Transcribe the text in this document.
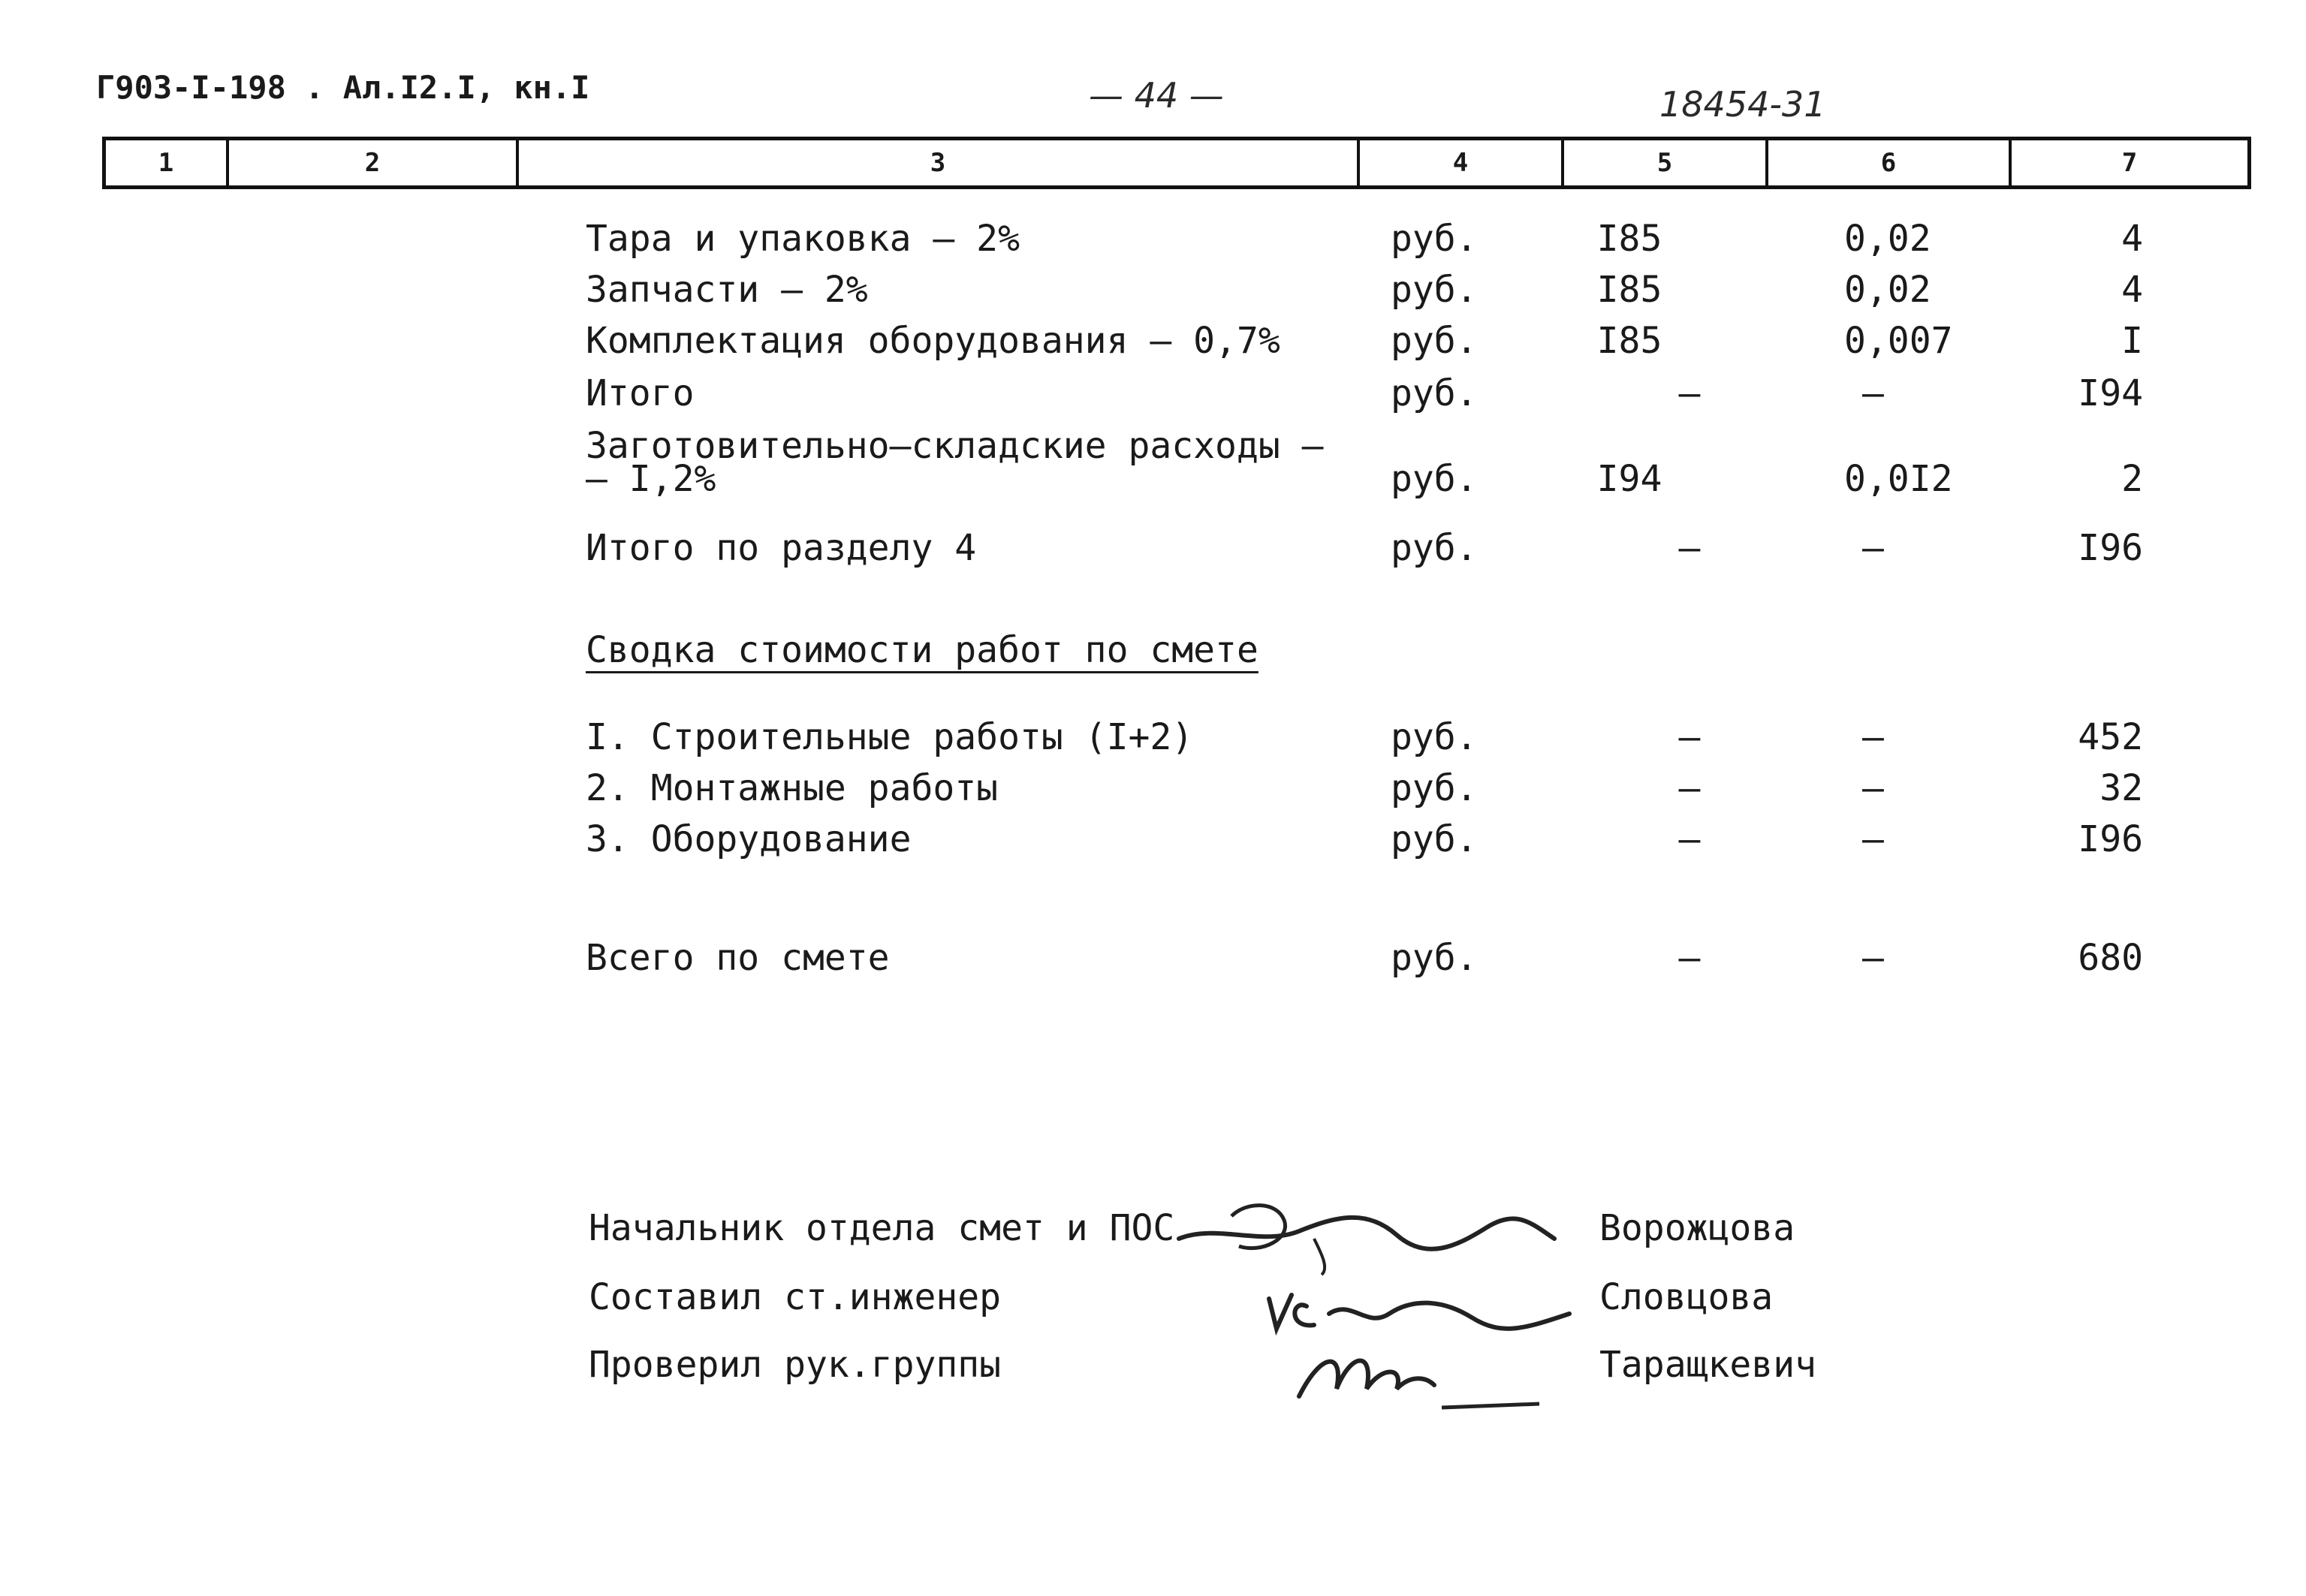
Г903-I-198 . Ал.I2.I, кн.I	— 44 —	18454-31
1	2	3	4	5	6	7
Тара и упаковка – 2%	руб.	I85	0,02	4
Запчасти – 2%	руб.	I85	0,02	4
Комплектация оборудования – 0,7%	руб.	I85	0,007	I
Итого	руб.	–	–	I94
Заготовительно–складские расходы –
– I,2%	руб.	I94	0,0I2	2
Итого по разделу 4	руб.	–	–	I96
Сводка стоимости работ по смете
I. Строительные работы (I+2)	руб.	–	–	452
2. Монтажные работы	руб.	–	–	32
3. Оборудование	руб.	–	–	I96
Всего по смете	руб.	–	–	680
Начальник отдела смет и ПОС	Ворожцова
Составил ст.инженер	Словцова
Проверил рук.группы	Таращкевич
